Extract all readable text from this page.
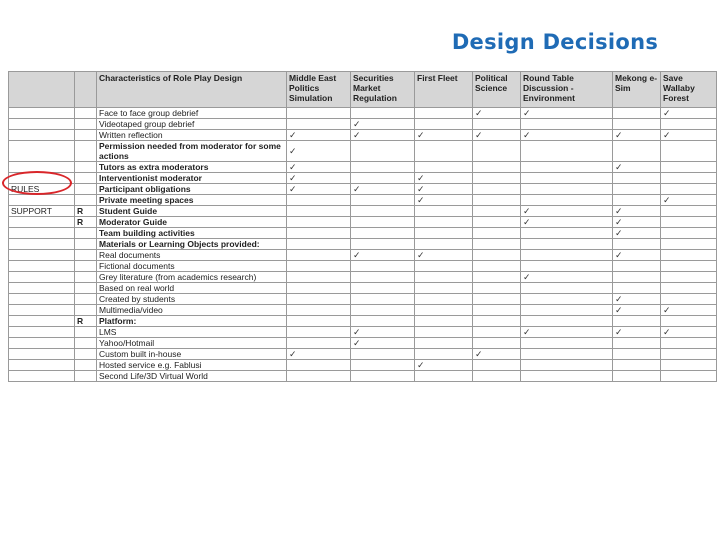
Design Decisions
		Characteristics of Role Play Design	Middle East Politics Simulation	Securities Market Regulation	First Fleet	Political Science	Round Table Discussion - Environment	Mekong e-Sim	Save Wallaby Forest
		Face to face group debrief				✓	✓		✓
		Videotaped group debrief		✓					
		Written reflection	✓	✓	✓	✓	✓	✓	✓
		Permission needed from moderator for some actions	✓						
		Tutors as extra moderators	✓					✓	
		Interventionist moderator	✓		✓				
RULES		Participant obligations	✓	✓	✓				
		Private meeting spaces			✓				✓
SUPPORT	R	Student Guide					✓	✓	
	R	Moderator Guide					✓	✓	
		Team building activities						✓	
		Materials or Learning Objects provided:							
		Real documents		✓	✓			✓	
		Fictional documents							
		Grey literature (from academics research)					✓		
		Based on real world							
		Created by students						✓	
		Multimedia/video						✓	✓
	R	Platform:							
		LMS		✓			✓	✓	✓
		Yahoo/Hotmail		✓					
		Custom built in-house	✓			✓			
		Hosted service e.g. Fablusi			✓				
		Second Life/3D Virtual World							
